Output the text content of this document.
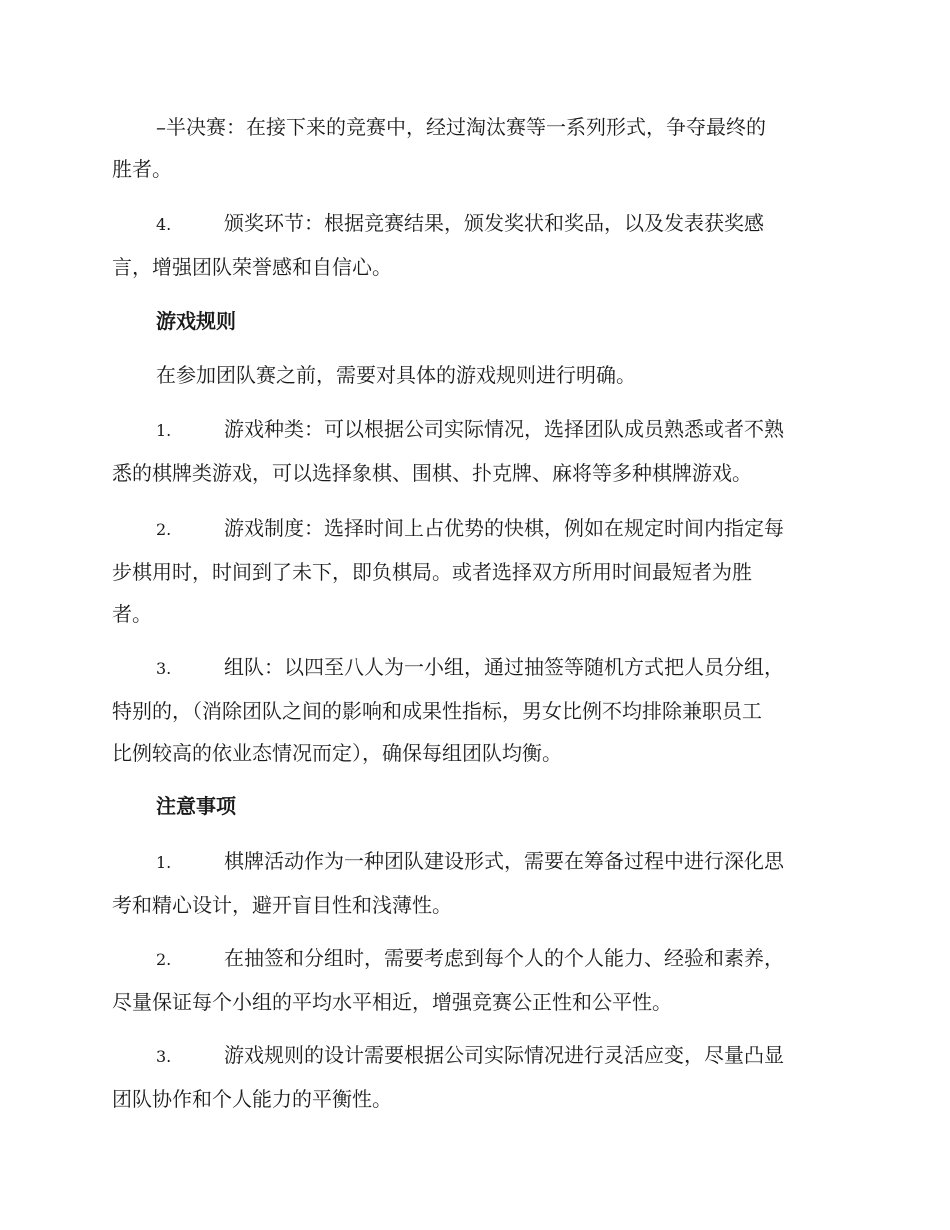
–半决赛：在接下来的竞赛中，经过淘汰赛等一系列形式，争夺最终的
胜者。
4.	颁奖环节：根据竞赛结果，颁发奖状和奖品，以及发表获奖感
言，增强团队荣誉感和自信心。
游戏规则
在参加团队赛之前，需要对具体的游戏规则进行明确。
1.	游戏种类：可以根据公司实际情况，选择团队成员熟悉或者不熟
悉的棋牌类游戏，可以选择象棋、围棋、扑克牌、麻将等多种棋牌游戏。
2.	游戏制度：选择时间上占优势的快棋，例如在规定时间内指定每
步棋用时，时间到了未下，即负棋局。或者选择双方所用时间最短者为胜
者。
3.	组队：以四至八人为一小组，通过抽签等随机方式把人员分组，
特别的，（消除团队之间的影响和成果性指标，男女比例不均排除兼职员工
比例较高的依业态情况而定），确保每组团队均衡。
注意事项
1.	棋牌活动作为一种团队建设形式，需要在筹备过程中进行深化思
考和精心设计，避开盲目性和浅薄性。
2.	在抽签和分组时，需要考虑到每个人的个人能力、经验和素养，
尽量保证每个小组的平均水平相近，增强竞赛公正性和公平性。
3.	游戏规则的设计需要根据公司实际情况进行灵活应变，尽量凸显
团队协作和个人能力的平衡性。
